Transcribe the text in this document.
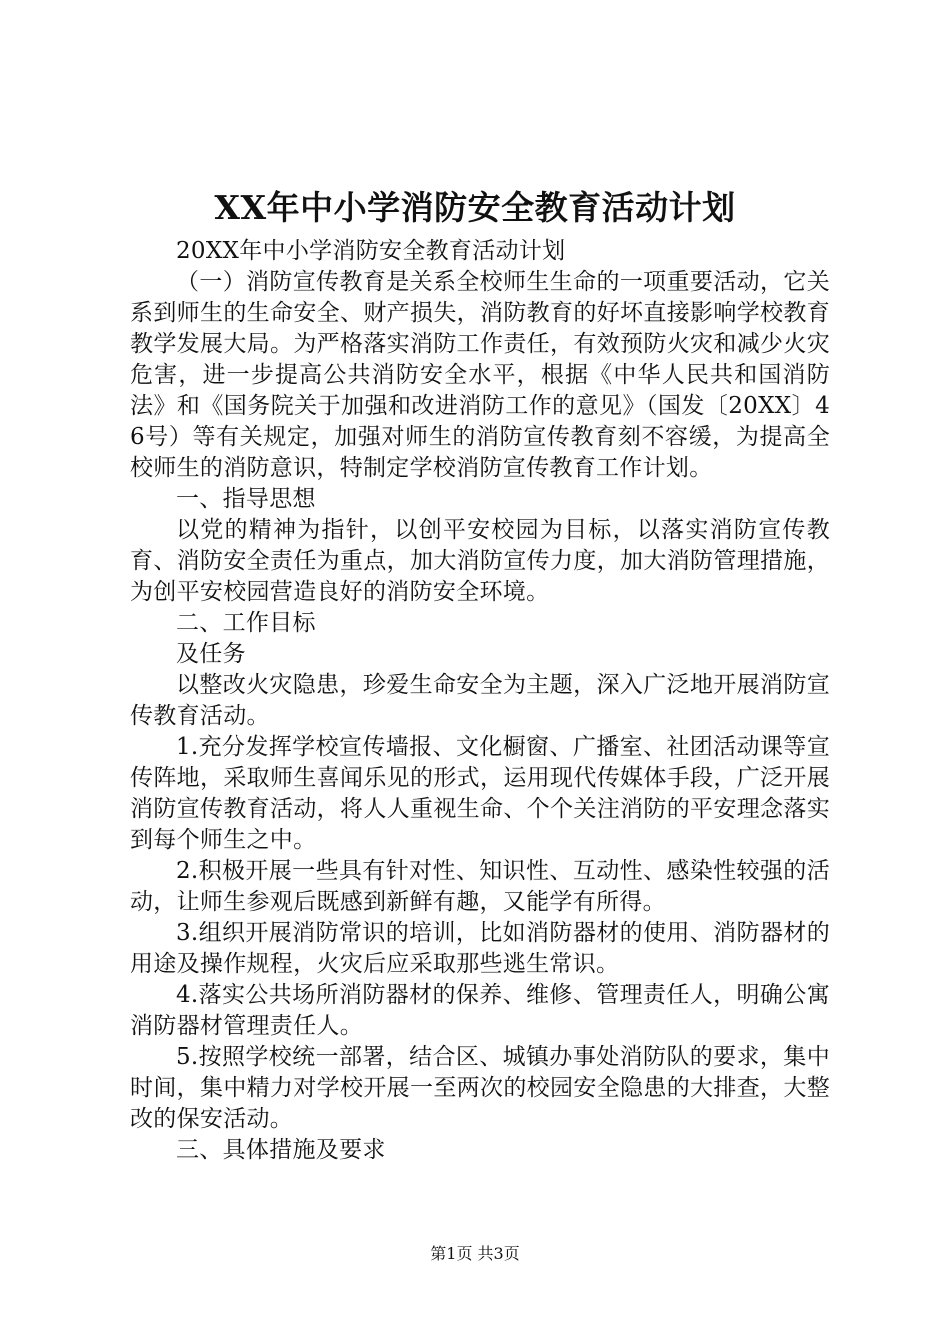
XX年中小学消防安全教育活动计划

20XX年中小学消防安全教育活动计划

（一）消防宣传教育是关系全校师生生命的一项重要活动，它关系到师生的生命安全、财产损失，消防教育的好坏直接影响学校教育教学发展大局。为严格落实消防工作责任，有效预防火灾和减少火灾危害，进一步提高公共消防安全水平，根据《中华人民共和国消防法》和《国务院关于加强和改进消防工作的意见》（国发〔20XX〕46号）等有关规定，加强对师生的消防宣传教育刻不容缓，为提高全校师生的消防意识，特制定学校消防宣传教育工作计划。

一、指导思想

以党的精神为指针，以创平安校园为目标，以落实消防宣传教育、消防安全责任为重点，加大消防宣传力度，加大消防管理措施，为创平安校园营造良好的消防安全环境。

二、工作目标

及任务

以整改火灾隐患，珍爱生命安全为主题，深入广泛地开展消防宣传教育活动。

1.充分发挥学校宣传墙报、文化橱窗、广播室、社团活动课等宣传阵地，采取师生喜闻乐见的形式，运用现代传媒体手段，广泛开展消防宣传教育活动，将人人重视生命、个个关注消防的平安理念落实到每个师生之中。

2.积极开展一些具有针对性、知识性、互动性、感染性较强的活动，让师生参观后既感到新鲜有趣，又能学有所得。

3.组织开展消防常识的培训，比如消防器材的使用、消防器材的用途及操作规程，火灾后应采取那些逃生常识。

4.落实公共场所消防器材的保养、维修、管理责任人，明确公寓消防器材管理责任人。

5.按照学校统一部署，结合区、城镇办事处消防队的要求，集中时间，集中精力对学校开展一至两次的校园安全隐患的大排查，大整改的保安活动。

三、具体措施及要求

第1页 共3页
